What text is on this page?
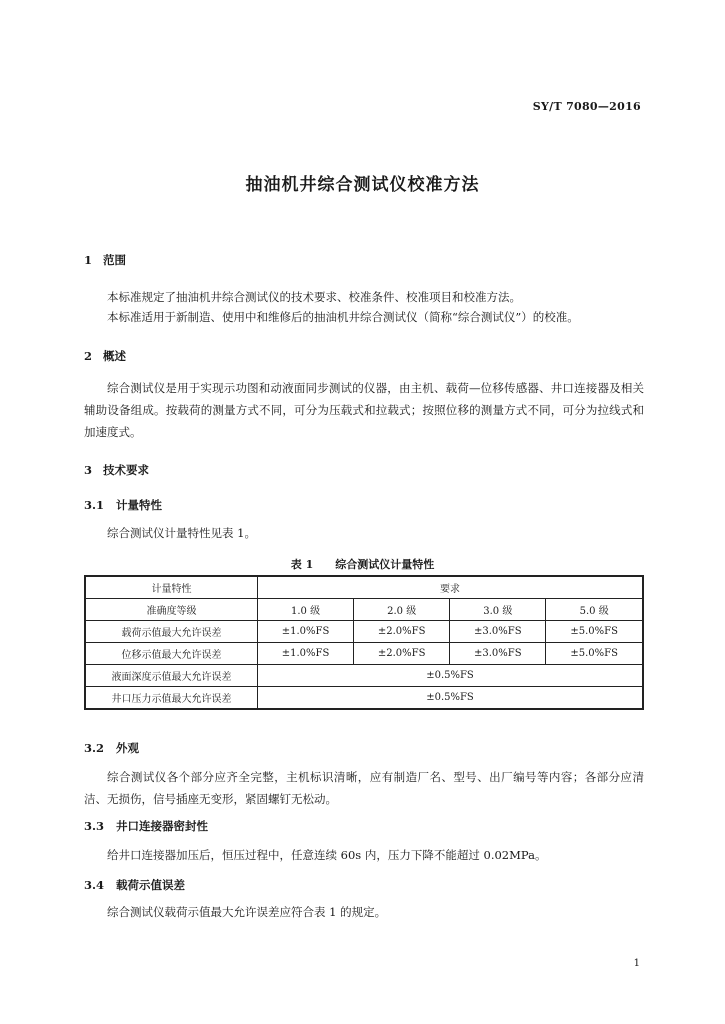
SY/T 7080—2016
抽油机井综合测试仪校准方法
1 范围
本标准规定了抽油机井综合测试仪的技术要求、校准条件、校准项目和校准方法。
本标准适用于新制造、使用中和维修后的抽油机井综合测试仪（简称“综合测试仪”）的校准。
2 概述
综合测试仪是用于实现示功图和动液面同步测试的仪器，由主机、载荷—位移传感器、井口连接器及相关辅助设备组成。按载荷的测量方式不同，可分为压载式和拉载式；按照位移的测量方式不同，可分为拉线式和加速度式。
3 技术要求
3.1 计量特性
综合测试仪计量特性见表 1。
表 1 综合测试仪计量特性
计量特性	要求			
准确度等级	1.0 级	2.0 级	3.0 级	5.0 级
载荷示值最大允许误差	±1.0%FS	±2.0%FS	±3.0%FS	±5.0%FS
位移示值最大允许误差	±1.0%FS	±2.0%FS	±3.0%FS	±5.0%FS
液面深度示值最大允许误差	±0.5%FS			
井口压力示值最大允许误差	±0.5%FS			
3.2 外观
综合测试仪各个部分应齐全完整，主机标识清晰，应有制造厂名、型号、出厂编号等内容；各部分应清洁、无损伤，信号插座无变形，紧固螺钉无松动。
3.3 井口连接器密封性
给井口连接器加压后，恒压过程中，任意连续 60s 内，压力下降不能超过 0.02MPa。
3.4 载荷示值误差
综合测试仪载荷示值最大允许误差应符合表 1 的规定。
1
